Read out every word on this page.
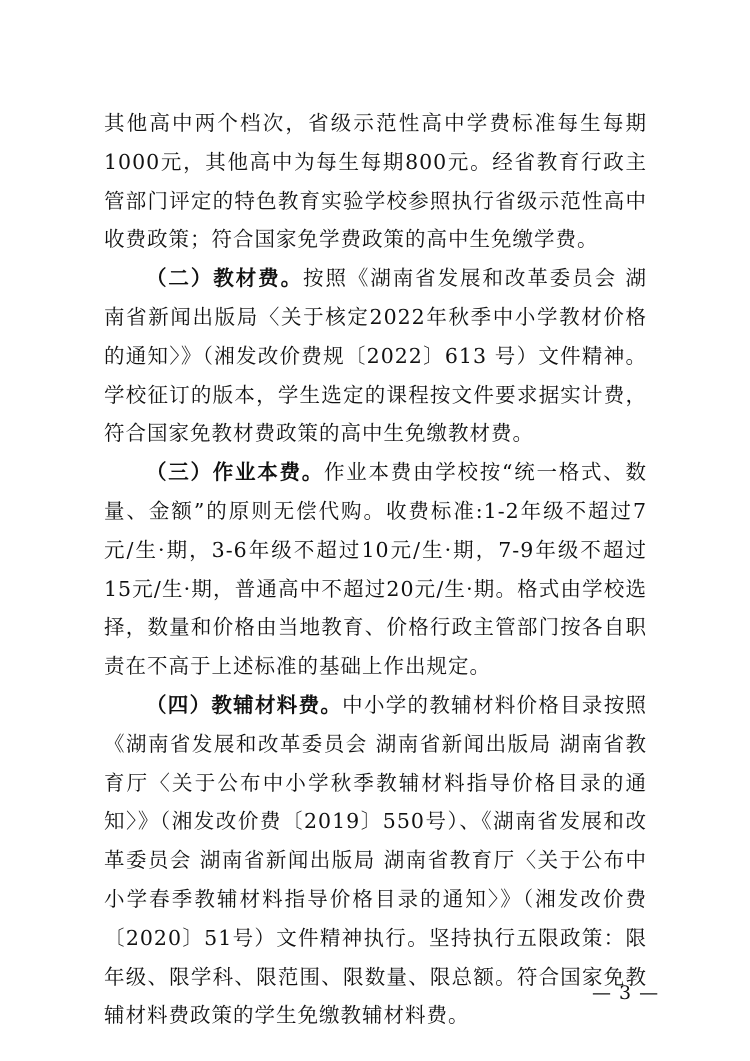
其他高中两个档次，省级示范性高中学费标准每生每期1000元，其他高中为每生每期800元。经省教育行政主管部门评定的特色教育实验学校参照执行省级示范性高中收费政策；符合国家免学费政策的高中生免缴学费。

（二）教材费。按照《湖南省发展和改革委员会 湖南省新闻出版局〈关于核定2022年秋季中小学教材价格的通知〉》（湘发改价费规〔2022〕613 号）文件精神。学校征订的版本，学生选定的课程按文件要求据实计费，符合国家免教材费政策的高中生免缴教材费。

（三）作业本费。作业本费由学校按“统一格式、数量、金额”的原则无偿代购。收费标准:1-2年级不超过7元/生·期，3-6年级不超过10元/生·期，7-9年级不超过15元/生·期，普通高中不超过20元/生·期。格式由学校选择，数量和价格由当地教育、价格行政主管部门按各自职责在不高于上述标准的基础上作出规定。

（四）教辅材料费。中小学的教辅材料价格目录按照《湖南省发展和改革委员会 湖南省新闻出版局 湖南省教育厅〈关于公布中小学秋季教辅材料指导价格目录的通知〉》（湘发改价费〔2019〕550号）、《湖南省发展和改革委员会 湖南省新闻出版局 湖南省教育厅〈关于公布中小学春季教辅材料指导价格目录的通知〉》（湘发改价费〔2020〕51号）文件精神执行。坚持执行五限政策：限年级、限学科、限范围、限数量、限总额。符合国家免教辅材料费政策的学生免缴教辅材料费。

— 3 —
